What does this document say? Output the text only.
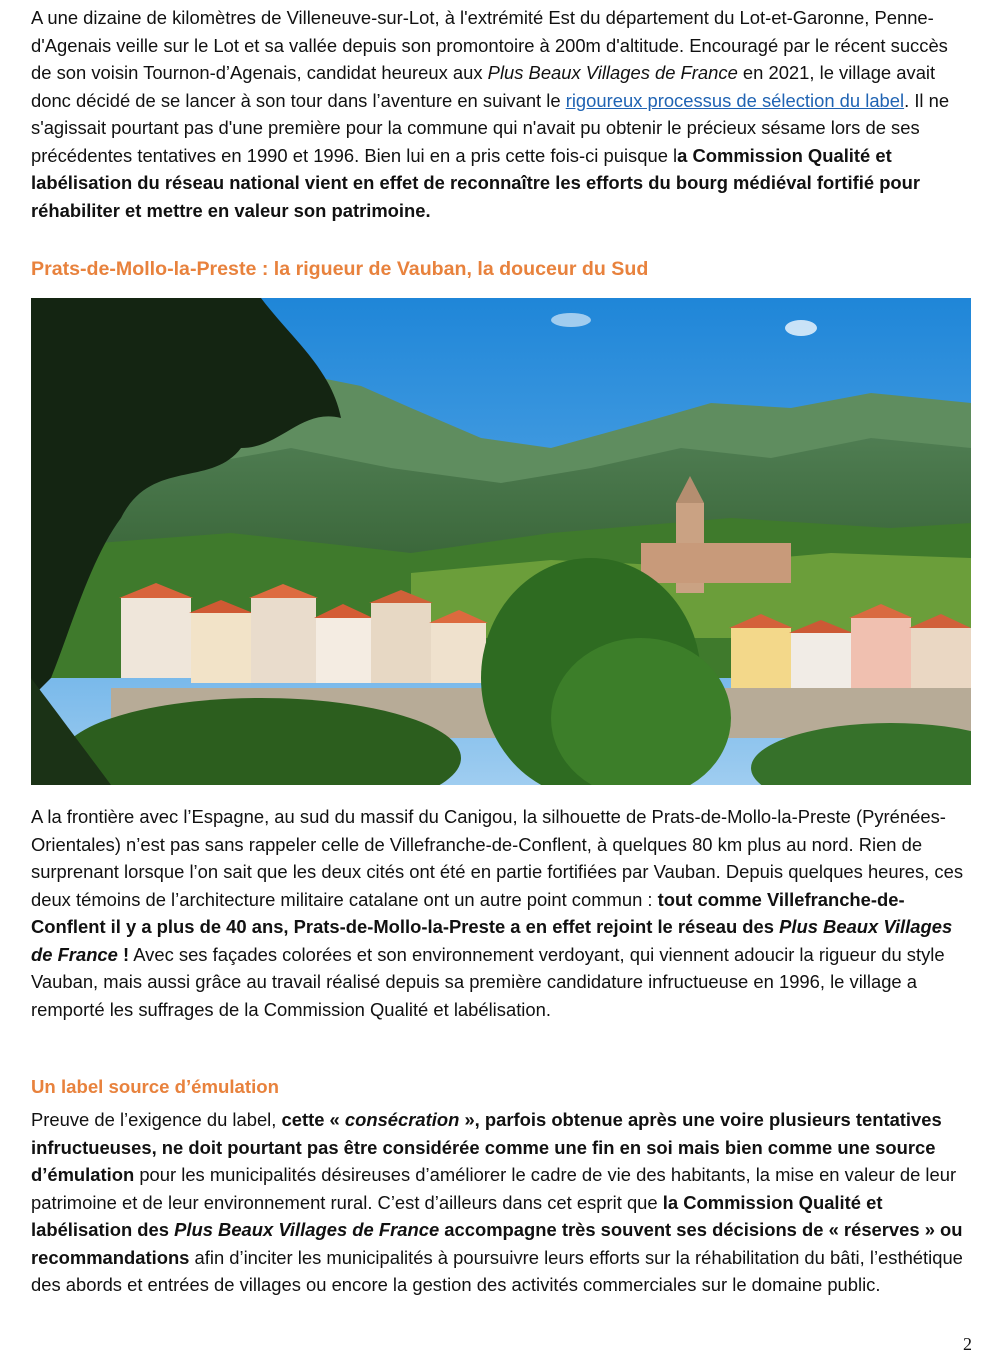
A une dizaine de kilomètres de Villeneuve-sur-Lot, à l'extrémité Est du département du Lot-et-Garonne, Penne-d'Agenais veille sur le Lot et sa vallée depuis son promontoire à 200m d'altitude. Encouragé par le récent succès de son voisin Tournon-d’Agenais, candidat heureux aux Plus Beaux Villages de France en 2021, le village avait donc décidé de se lancer à son tour dans l’aventure en suivant le rigoureux processus de sélection du label. Il ne s'agissait pourtant pas d'une première pour la commune qui n'avait pu obtenir le précieux sésame lors de ses précédentes tentatives en 1990 et 1996. Bien lui en a pris cette fois-ci puisque la Commission Qualité et labélisation du réseau national vient en effet de reconnaître les efforts du bourg médiéval fortifié pour réhabiliter et mettre en valeur son patrimoine.

Prats-de-Mollo-la-Preste : la rigueur de Vauban, la douceur du Sud

A la frontière avec l’Espagne, au sud du massif du Canigou, la silhouette de Prats-de-Mollo-la-Preste (Pyrénées-Orientales) n’est pas sans rappeler celle de Villefranche-de-Conflent, à quelques 80 km plus au nord. Rien de surprenant lorsque l’on sait que les deux cités ont été en partie fortifiées par Vauban. Depuis quelques heures, ces deux témoins de l’architecture militaire catalane ont un autre point commun : tout comme Villefranche-de-Conflent il y a plus de 40 ans, Prats-de-Mollo-la-Preste a en effet rejoint le réseau des Plus Beaux Villages de France ! Avec ses façades colorées et son environnement verdoyant, qui viennent adoucir la rigueur du style Vauban, mais aussi grâce au travail réalisé depuis sa première candidature infructueuse en 1996, le village a remporté les suffrages de la Commission Qualité et labélisation.

Un label source d’émulation

Preuve de l’exigence du label, cette « consécration », parfois obtenue après une voire plusieurs tentatives infructueuses, ne doit pourtant pas être considérée comme une fin en soi mais bien comme une source d’émulation pour les municipalités désireuses d’améliorer le cadre de vie des habitants, la mise en valeur de leur patrimoine et de leur environnement rural. C’est d’ailleurs dans cet esprit que la Commission Qualité et labélisation des Plus Beaux Villages de France accompagne très souvent ses décisions de « réserves » ou recommandations afin d’inciter les municipalités à poursuivre leurs efforts sur la réhabilitation du bâti, l’esthétique des abords et entrées de villages ou encore la gestion des activités commerciales sur le domaine public.

2
